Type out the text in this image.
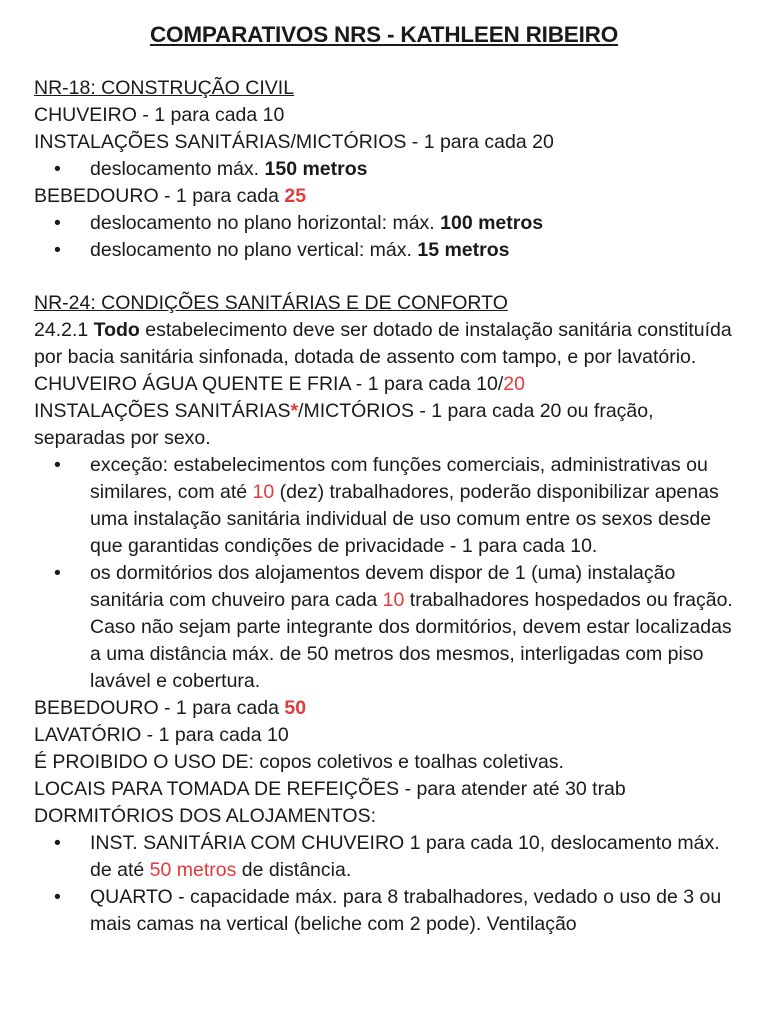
COMPARATIVOS NRS - KATHLEEN RIBEIRO

NR-18: CONSTRUÇÃO CIVIL

CHUVEIRO - 1 para cada 10

INSTALAÇÕES SANITÁRIAS/MICTÓRIOS - 1 para cada 20

• deslocamento máx. 150 metros

BEBEDOURO - 1 para cada 25

• deslocamento no plano horizontal: máx. 100 metros
• deslocamento no plano vertical: máx. 15 metros

NR-24: CONDIÇÕES SANITÁRIAS E DE CONFORTO

24.2.1 Todo estabelecimento deve ser dotado de instalação sanitária constituída por bacia sanitária sinfonada, dotada de assento com tampo, e por lavatório.

CHUVEIRO ÁGUA QUENTE E FRIA - 1 para cada 10/20

INSTALAÇÕES SANITÁRIAS*/MICTÓRIOS - 1 para cada 20 ou fração, separadas por sexo.

• exceção: estabelecimentos com funções comerciais, administrativas ou similares, com até 10 (dez) trabalhadores, poderão disponibilizar apenas uma instalação sanitária individual de uso comum entre os sexos desde que garantidas condições de privacidade - 1 para cada 10.
• os dormitórios dos alojamentos devem dispor de 1 (uma) instalação sanitária com chuveiro para cada 10 trabalhadores hospedados ou fração. Caso não sejam parte integrante dos dormitórios, devem estar localizadas a uma distância máx. de 50 metros dos mesmos, interligadas com piso lavável e cobertura.

BEBEDOURO - 1 para cada 50

LAVATÓRIO - 1 para cada 10

É PROIBIDO O USO DE: copos coletivos e toalhas coletivas.

LOCAIS PARA TOMADA DE REFEIÇÕES - para atender até 30 trab

DORMITÓRIOS DOS ALOJAMENTOS:

• INST. SANITÁRIA COM CHUVEIRO 1 para cada 10, deslocamento máx. de até 50 metros de distância.
• QUARTO - capacidade máx. para 8 trabalhadores, vedado o uso de 3 ou mais camas na vertical (beliche com 2 pode). Ventilação
